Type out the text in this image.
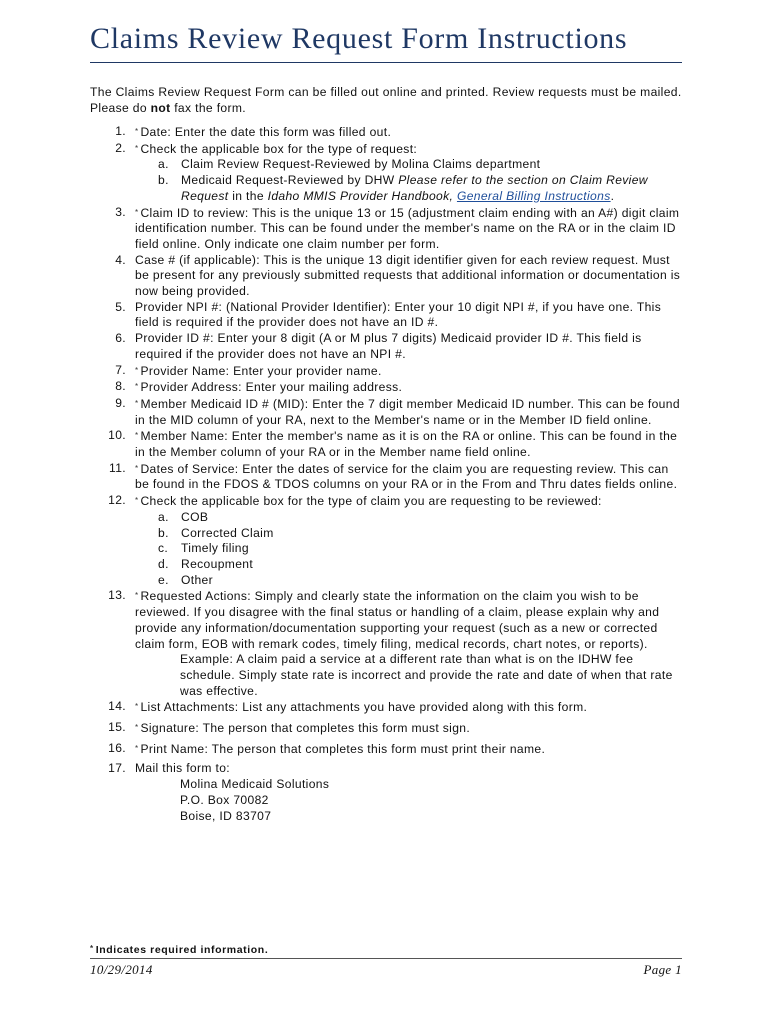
Claims Review Request Form Instructions
The Claims Review Request Form can be filled out online and printed. Review requests must be mailed. Please do not fax the form.
1. * Date: Enter the date this form was filled out.
2. * Check the applicable box for the type of request:
a. Claim Review Request-Reviewed by Molina Claims department
b. Medicaid Request-Reviewed by DHW Please refer to the section on Claim Review Request in the Idaho MMIS Provider Handbook, General Billing Instructions.
3. * Claim ID to review: This is the unique 13 or 15 (adjustment claim ending with an A#) digit claim identification number. This can be found under the member's name on the RA or in the claim ID field online. Only indicate one claim number per form.
4. Case # (if applicable): This is the unique 13 digit identifier given for each review request. Must be present for any previously submitted requests that additional information or documentation is now being provided.
5. Provider NPI #: (National Provider Identifier): Enter your 10 digit NPI #, if you have one. This field is required if the provider does not have an ID #.
6. Provider ID #: Enter your 8 digit (A or M plus 7 digits) Medicaid provider ID #. This field is required if the provider does not have an NPI #.
7. * Provider Name: Enter your provider name.
8. * Provider Address: Enter your mailing address.
9. * Member Medicaid ID # (MID): Enter the 7 digit member Medicaid ID number. This can be found in the MID column of your RA, next to the Member's name or in the Member ID field online.
10. * Member Name: Enter the member's name as it is on the RA or online. This can be found in the in the Member column of your RA or in the Member name field online.
11. * Dates of Service: Enter the dates of service for the claim you are requesting review. This can be found in the FDOS & TDOS columns on your RA or in the From and Thru dates fields online.
12. * Check the applicable box for the type of claim you are requesting to be reviewed:
a. COB
b. Corrected Claim
c.	Timely filing
d. Recoupment
e. Other
13. * Requested Actions: Simply and clearly state the information on the claim you wish to be reviewed. If you disagree with the final status or handling of a claim, please explain why and provide any information/documentation supporting your request (such as a new or corrected claim form, EOB with remark codes, timely filing, medical records, chart notes, or reports).
Example: A claim paid a service at a different rate than what is on the IDHW fee schedule. Simply state rate is incorrect and provide the rate and date of when that rate was effective.
14. * List Attachments: List any attachments you have provided along with this form.
15. * Signature: The person that completes this form must sign.
16. * Print Name: The person that completes this form must print their name.
17. Mail this form to:
Molina Medicaid Solutions
P.O. Box 70082
Boise, ID 83707
* Indicates required information.
10/29/2014	Page 1
